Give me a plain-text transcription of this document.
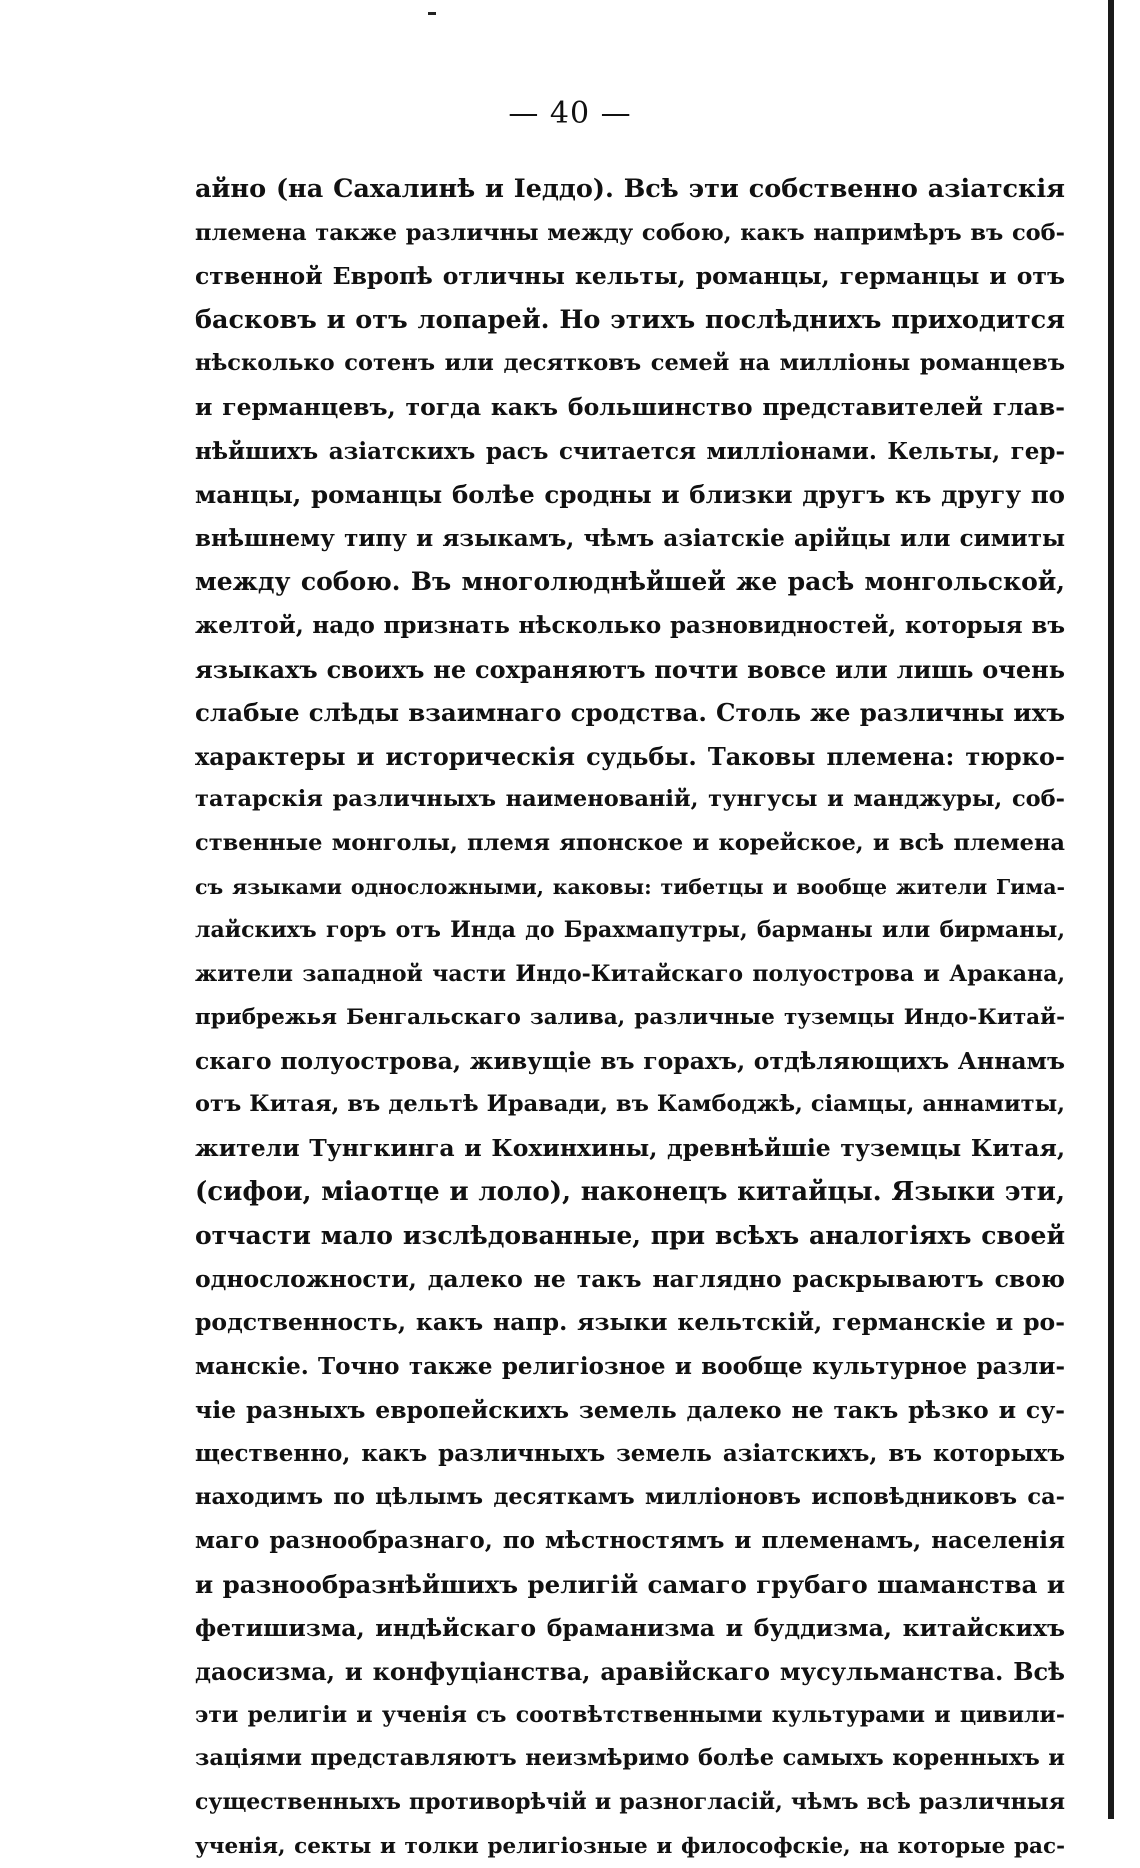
— 40 —
айно (на Сахалинѣ и Іеддо). Всѣ эти собственно азіатскія
племена также различны между собою, какъ напримѣръ въ соб-
ственной Европѣ отличны кельты, романцы, германцы и отъ
басковъ и отъ лопарей. Но этихъ послѣднихъ приходится
нѣсколько сотенъ или десятковъ семей на милліоны романцевъ
и германцевъ, тогда какъ большинство представителей глав-
нѣйшихъ азіатскихъ расъ считается милліонами. Кельты, гер-
манцы, романцы болѣе сродны и близки другъ къ другу по
внѣшнему типу и языкамъ, чѣмъ азіатскіе арійцы или симиты
между собою. Въ многолюднѣйшей же расѣ монгольской,
желтой, надо признать нѣсколько разновидностей, которыя въ
языкахъ своихъ не сохраняютъ почти вовсе или лишь очень
слабые слѣды взаимнаго сродства. Столь же различны ихъ
характеры и историческія судьбы. Таковы племена: тюрко-
татарскія различныхъ наименованій, тунгусы и манджуры, соб-
ственные монголы, племя японское и корейское, и всѣ племена
съ языками односложными, каковы: тибетцы и вообще жители Гима-
лайскихъ горъ отъ Инда до Брахмапутры, барманы или бирманы,
жители западной части Индо-Китайскаго полуострова и Аракана,
прибрежья Бенгальскаго залива, различные туземцы Индо-Китай-
скаго полуострова, живущіе въ горахъ, отдѣляющихъ Аннамъ
отъ Китая, въ дельтѣ Иравади, въ Камбоджѣ, сіамцы, аннамиты,
жители Тунгкинга и Кохинхины, древнѣйшіе туземцы Китая,
(сифои, міаотце и лоло), наконецъ китайцы. Языки эти,
отчасти мало изслѣдованные, при всѣхъ аналогіяхъ своей
односложности, далеко не такъ наглядно раскрываютъ свою
родственность, какъ напр. языки кельтскій, германскіе и ро-
манскіе. Точно также религіозное и вообще культурное разли-
чіе разныхъ европейскихъ земель далеко не такъ рѣзко и су-
щественно, какъ различныхъ земель азіатскихъ, въ которыхъ
находимъ по цѣлымъ десяткамъ милліоновъ исповѣдниковъ са-
маго разнообразнаго, по мѣстностямъ и племенамъ, населенія
и разнообразнѣйшихъ религій самаго грубаго шаманства и
фетишизма, индѣйскаго браманизма и буддизма, китайскихъ
даосизма, и конфуціанства, аравійскаго мусульманства. Всѣ
эти религіи и ученія съ соотвѣтственными культурами и цивили-
заціями представляютъ неизмѣримо болѣе самыхъ коренныхъ и
существенныхъ противорѣчій и разногласій, чѣмъ всѣ различныя
ученія, секты и толки религіозные и философскіе, на которые рас-
